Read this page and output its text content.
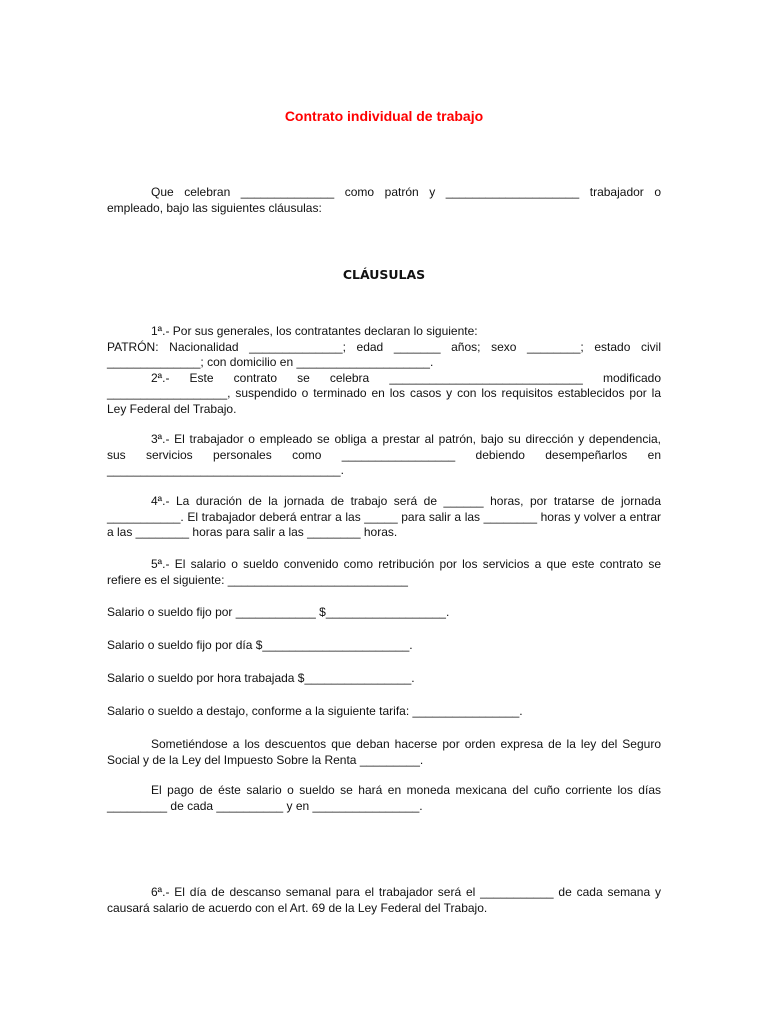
Contrato individual de trabajo

Que celebran ______________ como patrón y ____________________ trabajador o empleado, bajo las siguientes cláusulas:

CLÁUSULAS

1ª.- Por sus generales, los contratantes declaran lo siguiente:

PATRÓN: Nacionalidad ______________; edad _______ años; sexo ________; estado civil ______________; con domicilio en ____________________.

2ª.- Este contrato se celebra _____________________________ modificado __________________, suspendido o terminado en los casos y con los requisitos establecidos por la Ley Federal del Trabajo.

3ª.- El trabajador o empleado se obliga a prestar al patrón, bajo su dirección y dependencia, sus servicios personales como _________________ debiendo desempeñarlos en ___________________________________.

4ª.- La duración de la jornada de trabajo será de ______ horas, por tratarse de jornada ___________. El trabajador deberá entrar a las _____ para salir a las ________ horas y volver a entrar a las ________ horas para salir a las ________ horas.

5ª.- El salario o sueldo convenido como retribución por los servicios a que este contrato se refiere es el siguiente: ___________________________

Salario o sueldo fijo por ____________ $__________________.
Salario o sueldo fijo por día $______________________.
Salario o sueldo por hora trabajada $________________.
Salario o sueldo a destajo, conforme a la siguiente tarifa: ________________.

Sometiéndose a los descuentos que deban hacerse por orden expresa de la ley del Seguro Social y de la Ley del Impuesto Sobre la Renta _________.

El pago de éste salario o sueldo se hará en moneda mexicana del cuño corriente los días _________ de cada __________ y en ________________.

6ª.- El día de descanso semanal para el trabajador será el ___________ de cada semana y causará salario de acuerdo con el Art. 69 de la Ley Federal del Trabajo.
